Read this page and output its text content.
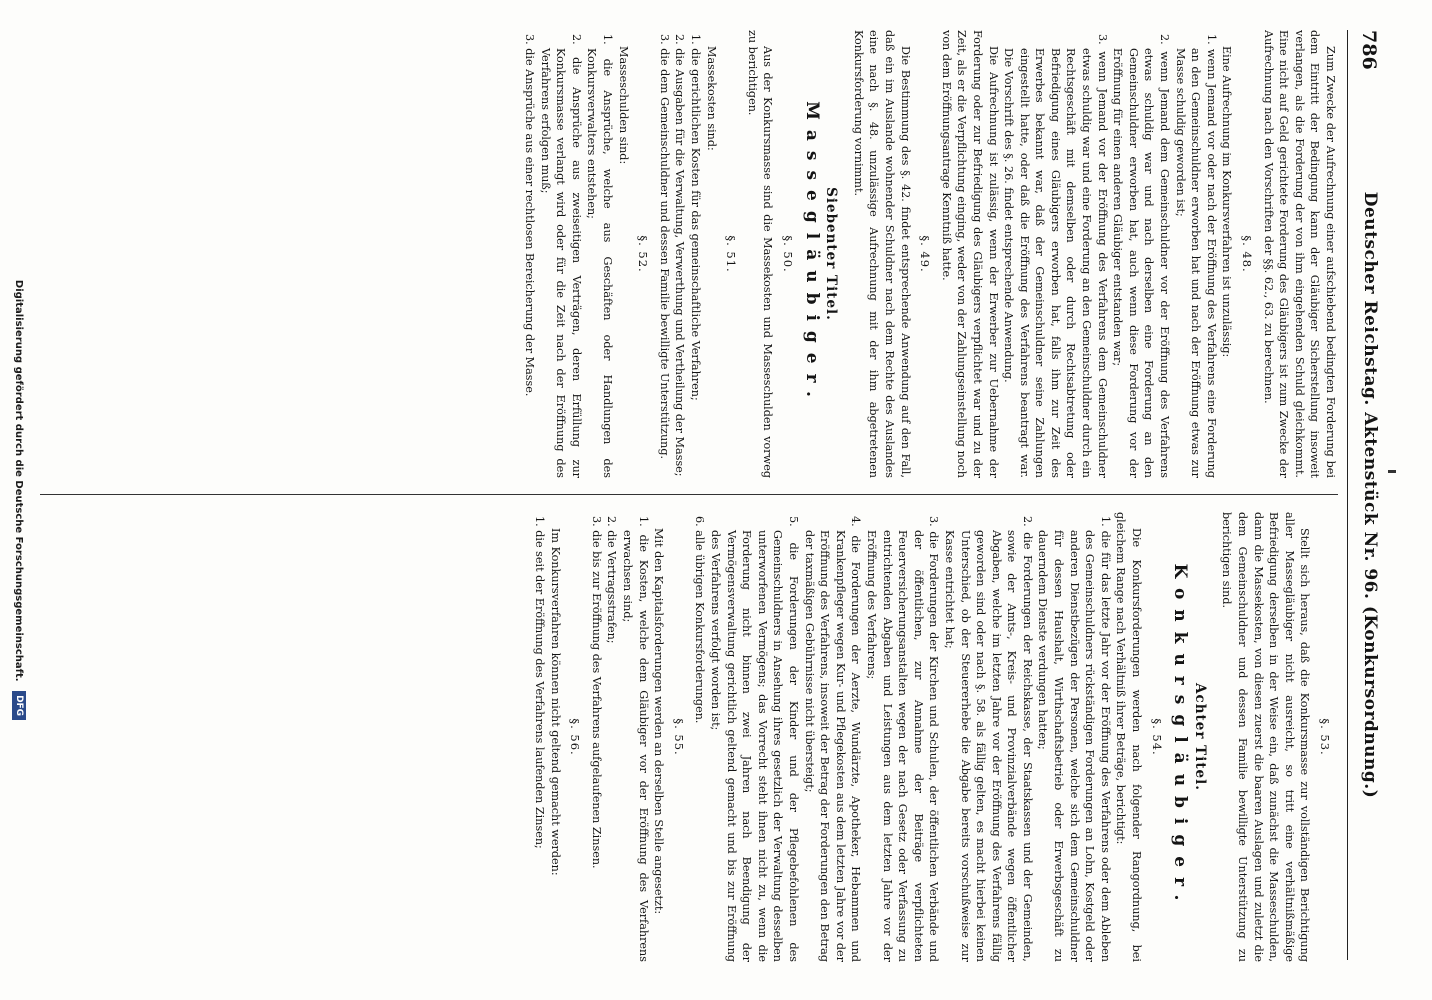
786
Deutscher Reichstag. Aktenstück Nr. 96. (Konkursordnung.)

Zum Zwecke der Aufrechnung einer aufschiebend bedingten Forderung bei dem Eintritt der Bedingung kann der Gläubiger Sicherstellung insoweit verlangen, als die Forderung der von ihm eingehenden Schuld gleichkommt. Eine nicht auf Geld gerichtete Forderung des Gläubigers ist zum Zwecke der Aufrechnung nach den Vorschriften der §§. 62., 63. zu berechnen.

§. 48.

Eine Aufrechnung im Konkursverfahren ist unzulässig:

1. wenn Jemand vor oder nach der Eröffnung des Verfahrens eine Forderung an den Gemeinschuldner erworben hat und nach der Eröffnung etwas zur Masse schuldig geworden ist;

2. wenn Jemand dem Gemeinschuldner vor der Eröffnung des Verfahrens etwas schuldig war und nach derselben eine Forderung an den Gemeinschuldner erworben hat, auch wenn diese Forderung vor der Eröffnung für einen anderen Gläubiger entstanden war;

3. wenn Jemand vor der Eröffnung des Verfahrens dem Gemeinschuldner etwas schuldig war und eine Forderung an den Gemeinschuldner durch ein Rechtsgeschäft mit demselben oder durch Rechtsabtretung oder Befriedigung eines Gläubigers erworben hat, falls ihm zur Zeit des Erwerbes bekannt war, daß der Gemeinschuldner seine Zahlungen eingestellt hatte, oder daß die Eröffnung des Verfahrens beantragt war. Die Vorschrift des §. 26. findet entsprechende Anwendung.

Die Aufrechnung ist zulässig, wenn der Erwerber zur Uebernahme der Forderung oder zur Befriedigung des Gläubigers verpflichtet war und zu der Zeit, als er die Verpflichtung einging, weder von der Zahlungseinstellung noch von dem Eröffnungsantrage Kenntniß hatte.

§. 49.

Die Bestimmung des §. 42. findet entsprechende Anwendung auf den Fall, daß ein im Auslande wohnender Schuldner nach dem Rechte des Auslandes eine nach §. 48. unzulässige Aufrechnung mit der ihm abgetretenen Konkursforderung vornimmt.

Siebenter Titel.
Massegläubiger.
§. 50.

Aus der Konkursmasse sind die Massekosten und Masseschulden vorweg zu berichtigen.

§. 51.

Massekosten sind:

1. die gerichtlichen Kosten für das gemeinschaftliche Verfahren;

2. die Ausgaben für die Verwaltung, Verwerthung und Vertheilung der Masse;

3. die dem Gemeinschuldner und dessen Familie bewilligte Unterstützung.

§. 52.

Masseschulden sind:

1. die Ansprüche, welche aus Geschäften oder Handlungen des Konkursverwalters entstehen;

2. die Ansprüche aus zweiseitigen Verträgen, deren Erfüllung zur Konkursmasse verlangt wird oder für die Zeit nach der Eröffnung des Verfahrens erfolgen muß;

3. die Ansprüche aus einer rechtlosen Bereicherung der Masse.

§. 53.

Stellt sich heraus, daß die Konkursmasse zur vollständigen Berichtigung aller Massegläubiger nicht ausreicht, so tritt eine verhältnißmäßige Befriedigung derselben in der Weise ein, daß zunächst die Masseschulden, dann die Massekosten, von diesen zuerst die baaren Auslagen und zuletzt die dem Gemeinschuldner und dessen Familie bewilligte Unterstützung zu berichtigen sind.

Achter Titel.
Konkursgläubiger.
§. 54.

Die Konkursforderungen werden nach folgender Rangordnung, bei gleichem Range nach Verhältniß ihrer Beträge, berichtigt:

1. die für das letzte Jahr vor der Eröffnung des Verfahrens oder dem Ableben des Gemeinschuldners rückständigen Forderungen an Lohn, Kostgeld oder anderen Dienstbezügen der Personen, welche sich dem Gemeinschuldner für dessen Haushalt, Wirthschaftsbetrieb oder Erwerbsgeschäft zu dauerndem Dienste verdungen hatten;

2. die Forderungen der Reichskasse, der Staatskassen und der Gemeinden, sowie der Amts-, Kreis- und Provinzialverbände wegen öffentlicher Abgaben, welche im letzten Jahre vor der Eröffnung des Verfahrens fällig geworden sind oder nach §. 58. als fällig gelten, es macht hierbei keinen Unterschied, ob der Steuererhebe die Abgabe bereits vorschußweise zur Kasse entrichtet hat;

3. die Forderungen der Kirchen und Schulen, der öffentlichen Verbände und der öffentlichen, zur Annahme der Beiträge verpflichteten Feuerversicherungsanstalten wegen der nach Gesetz oder Verfassung zu entrichtenden Abgaben und Leistungen aus dem letzten Jahre vor der Eröffnung des Verfahrens;

4. die Forderungen der Aerzte, Wundärzte, Apotheker, Hebammen und Krankenpfleger wegen Kur- und Pflegekosten aus dem letzten Jahre vor der Eröffnung des Verfahrens, insoweit der Betrag der Forderungen den Betrag der taxmäßigen Gebührnisse nicht übersteigt;

5. die Forderungen der Kinder und der Pflegebefohlenen des Gemeinschuldners in Ansehung ihres gesetzlich der Verwaltung desselben unterworfenen Vermögens; das Vorrecht steht ihnen nicht zu, wenn die Forderung nicht binnen zwei Jahren nach Beendigung der Vermögensverwaltung gerichtlich geltend gemacht und bis zur Eröffnung des Verfahrens verfolgt worden ist;

6. alle übrigen Konkursforderungen.

§. 55.

Mit den Kapitalsforderungen werden an derselben Stelle angesetzt:

1. die Kosten, welche dem Gläubiger vor der Eröffnung des Verfahrens erwachsen sind;

2. die Vertragsstrafen;

3. die bis zur Eröffnung des Verfahrens aufgelaufenen Zinsen.

§. 56.

Im Konkursverfahren können nicht geltend gemacht werden:

1. die seit der Eröffnung des Verfahrens laufenden Zinsen;

Digitalisierung gefördert durch die Deutsche Forschungsgemeinschaft. DFG
